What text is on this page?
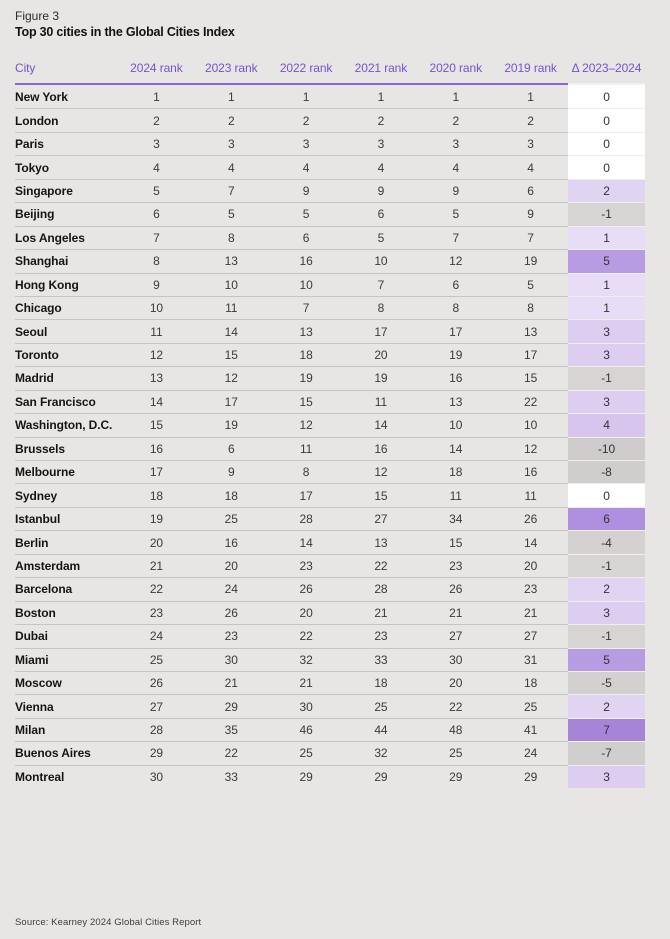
Figure 3
Top 30 cities in the Global Cities Index
City	2024 rank	2023 rank	2022 rank	2021 rank	2020 rank	2019 rank	Δ 2023–2024
New York	1	1	1	1	1	1	0
London	2	2	2	2	2	2	0
Paris	3	3	3	3	3	3	0
Tokyo	4	4	4	4	4	4	0
Singapore	5	7	9	9	9	6	2
Beijing	6	5	5	6	5	9	-1
Los Angeles	7	8	6	5	7	7	1
Shanghai	8	13	16	10	12	19	5
Hong Kong	9	10	10	7	6	5	1
Chicago	10	11	7	8	8	8	1
Seoul	11	14	13	17	17	13	3
Toronto	12	15	18	20	19	17	3
Madrid	13	12	19	19	16	15	-1
San Francisco	14	17	15	11	13	22	3
Washington, D.C.	15	19	12	14	10	10	4
Brussels	16	6	11	16	14	12	-10
Melbourne	17	9	8	12	18	16	-8
Sydney	18	18	17	15	11	11	0
Istanbul	19	25	28	27	34	26	6
Berlin	20	16	14	13	15	14	-4
Amsterdam	21	20	23	22	23	20	-1
Barcelona	22	24	26	28	26	23	2
Boston	23	26	20	21	21	21	3
Dubai	24	23	22	23	27	27	-1
Miami	25	30	32	33	30	31	5
Moscow	26	21	21	18	20	18	-5
Vienna	27	29	30	25	22	25	2
Milan	28	35	46	44	48	41	7
Buenos Aires	29	22	25	32	25	24	-7
Montreal	30	33	29	29	29	29	3
Source: Kearney 2024 Global Cities Report
